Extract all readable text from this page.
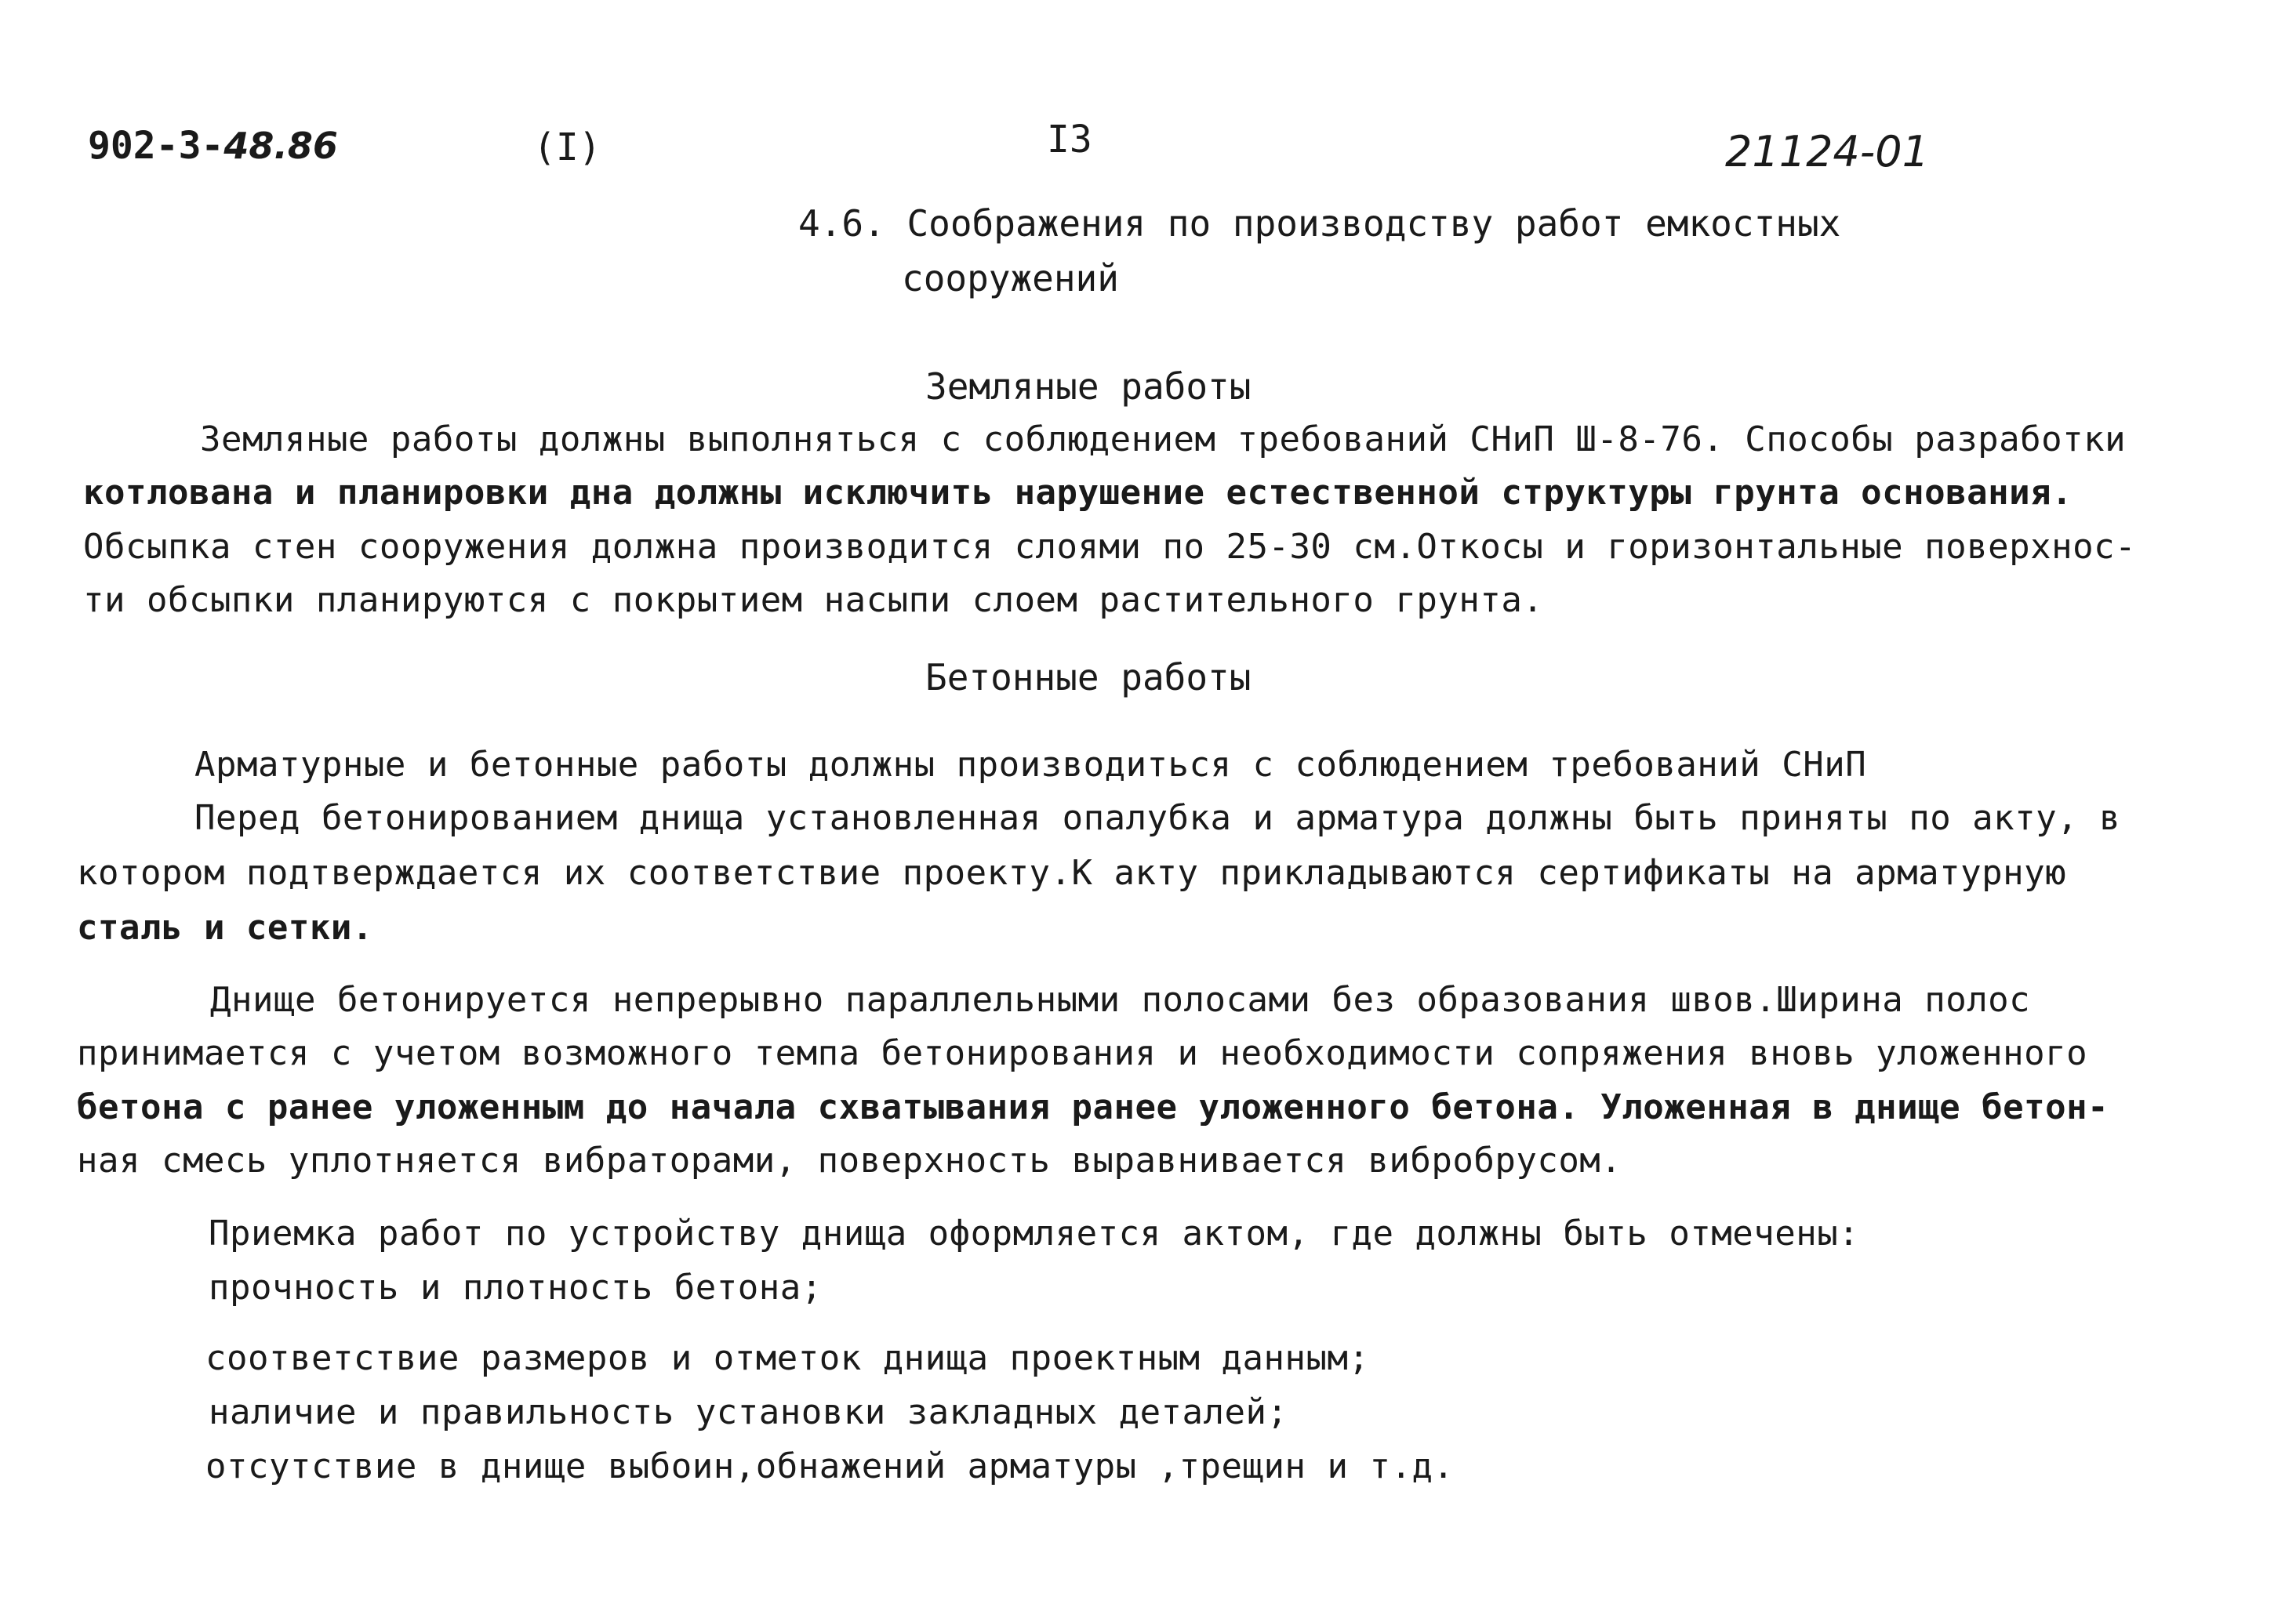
902-3-48.86	(I)	I3	21124-01
4.6. Соображения по производству работ емкостных
сооружений
Земляные работы
Земляные работы должны выполняться с соблюдением требований СНиП Ш-8-76. Способы разработки
котлована и планировки дна должны исключить нарушение естественной структуры грунта основания.
Обсыпка стен сооружения должна производится слоями по 25-30 см.Откосы и горизонтальные поверхнос-
ти обсыпки планируются с покрытием насыпи слоем растительного грунта.
Бетонные работы
Арматурные и бетонные работы должны производиться с соблюдением требований СНиП
Перед бетонированием днища установленная опалубка и арматура должны быть приняты по акту, в
котором подтверждается их соответствие проекту.К акту прикладываются сертификаты на арматурную
сталь и сетки.
Днище бетонируется непрерывно параллельными полосами без образования швов.Ширина полос
принимается с учетом возможного темпа бетонирования и необходимости сопряжения вновь уложенного
бетона с ранее уложенным до начала схватывания ранее уложенного бетона. Уложенная в днище бетон-
ная смесь уплотняется вибраторами, поверхность выравнивается вибробрусом.
Приемка работ по устройству днища оформляется актом, где должны быть отмечены:
прочность и плотность бетона;
соответствие размеров и отметок днища проектным данным;
наличие и правильность установки закладных деталей;
отсутствие в днище выбоин,обнажений арматуры ,трещин и т.д.
